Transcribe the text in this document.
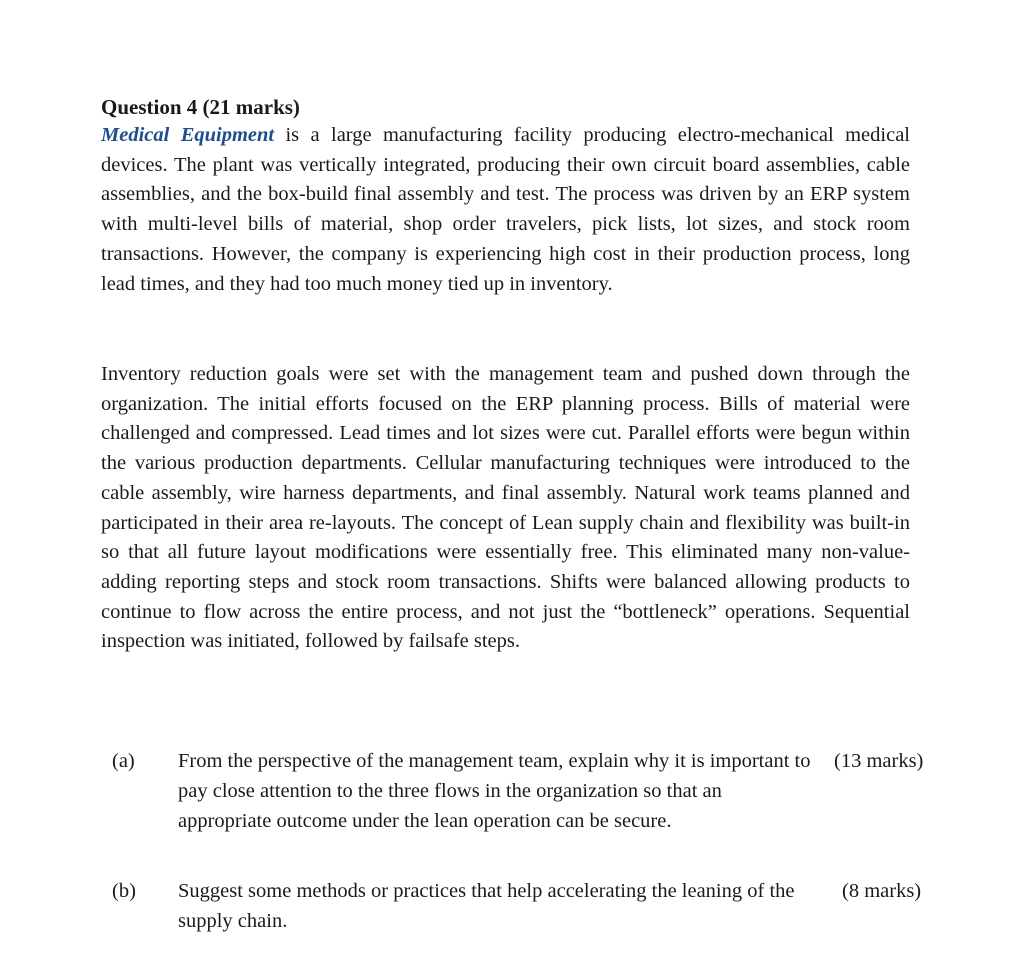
Question 4 (21 marks)
Medical Equipment is a large manufacturing facility producing electro-mechanical medical devices. The plant was vertically integrated, producing their own circuit board assemblies, cable assemblies, and the box-build final assembly and test. The process was driven by an ERP system with multi-level bills of material, shop order travelers, pick lists, lot sizes, and stock room transactions. However, the company is experiencing high cost in their production process, long lead times, and they had too much money tied up in inventory.
Inventory reduction goals were set with the management team and pushed down through the organization. The initial efforts focused on the ERP planning process. Bills of material were challenged and compressed. Lead times and lot sizes were cut. Parallel efforts were begun within the various production departments. Cellular manufacturing techniques were introduced to the cable assembly, wire harness departments, and final assembly. Natural work teams planned and participated in their area re-layouts. The concept of Lean supply chain and flexibility was built-in so that all future layout modifications were essentially free. This eliminated many non-value-adding reporting steps and stock room transactions. Shifts were balanced allowing products to continue to flow across the entire process, and not just the “bottleneck” operations. Sequential inspection was initiated, followed by failsafe steps.
(a) From the perspective of the management team, explain why it is important to pay close attention to the three flows in the organization so that an appropriate outcome under the lean operation can be secure.
(13 marks)
(b) Suggest some methods or practices that help accelerating the leaning of the supply chain.
(8 marks)
